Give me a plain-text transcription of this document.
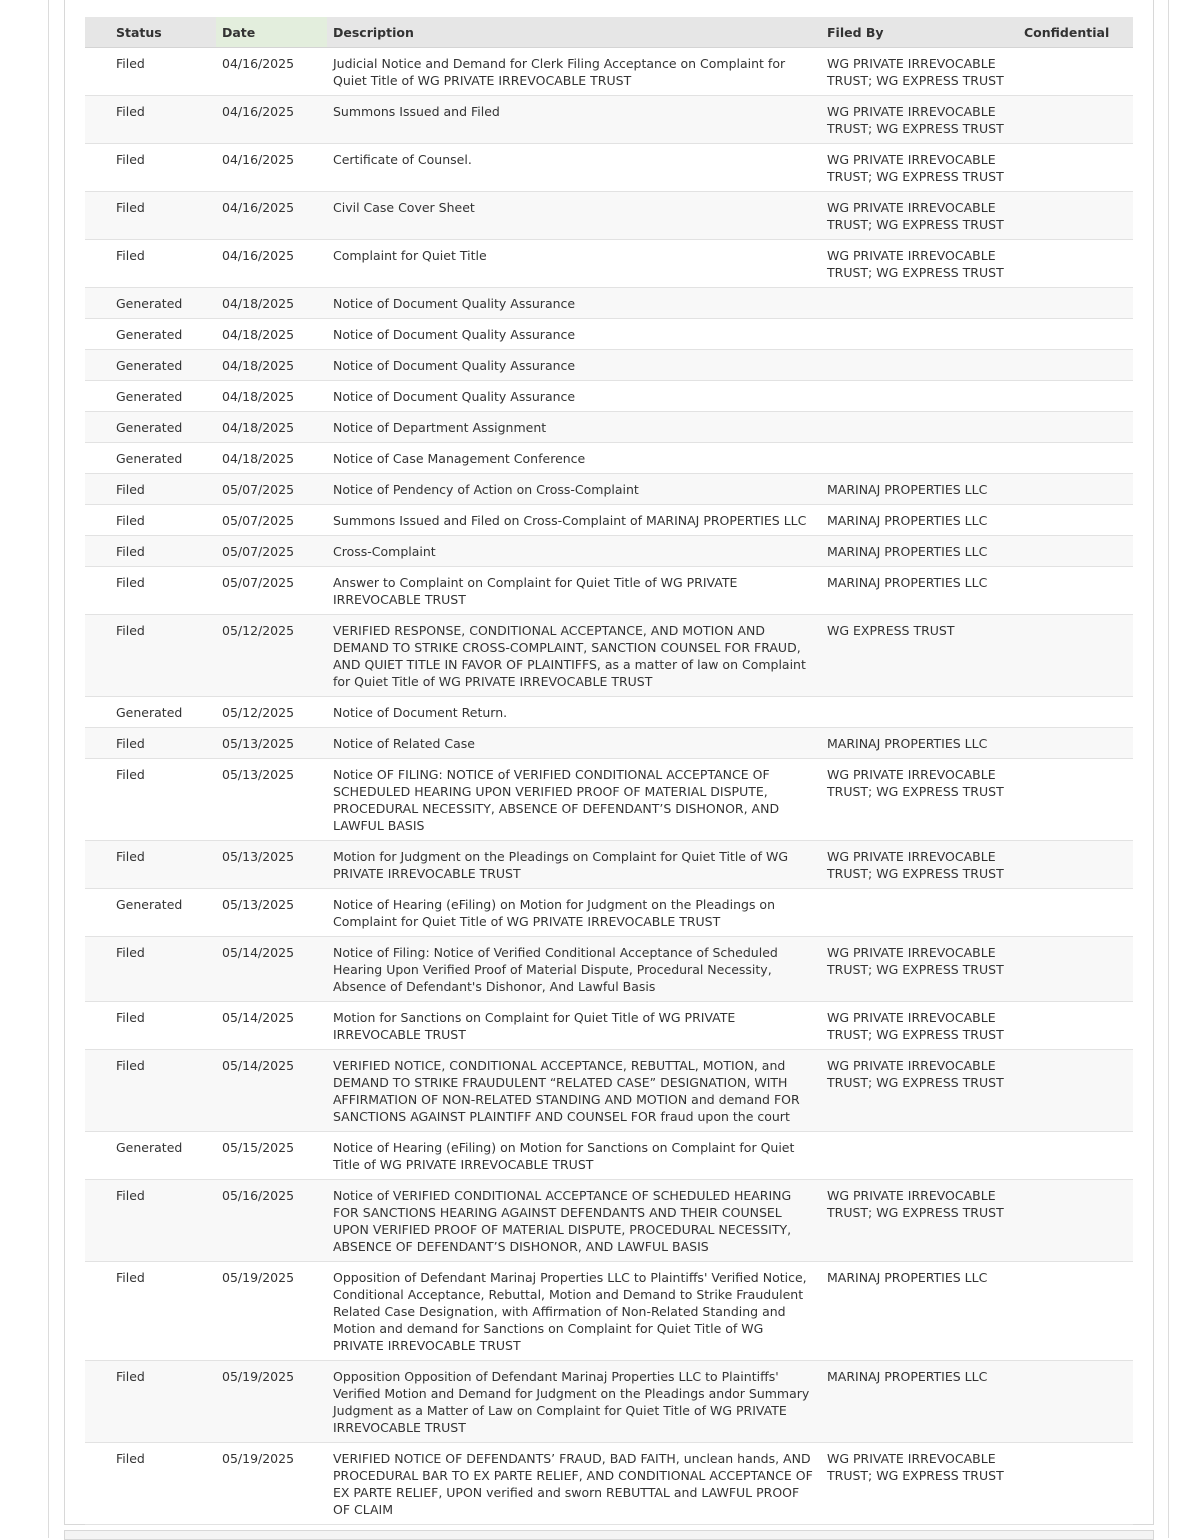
Status	Date	Description	Filed By	Confidential
Filed	04/16/2025	Judicial Notice and Demand for Clerk Filing Acceptance on Complaint for Quiet Title of WG PRIVATE IRREVOCABLE TRUST	WG PRIVATE IRREVOCABLE TRUST; WG EXPRESS TRUST	
Filed	04/16/2025	Summons Issued and Filed	WG PRIVATE IRREVOCABLE TRUST; WG EXPRESS TRUST	
Filed	04/16/2025	Certificate of Counsel.	WG PRIVATE IRREVOCABLE TRUST; WG EXPRESS TRUST	
Filed	04/16/2025	Civil Case Cover Sheet	WG PRIVATE IRREVOCABLE TRUST; WG EXPRESS TRUST	
Filed	04/16/2025	Complaint for Quiet Title	WG PRIVATE IRREVOCABLE TRUST; WG EXPRESS TRUST	
Generated	04/18/2025	Notice of Document Quality Assurance		
Generated	04/18/2025	Notice of Document Quality Assurance		
Generated	04/18/2025	Notice of Document Quality Assurance		
Generated	04/18/2025	Notice of Document Quality Assurance		
Generated	04/18/2025	Notice of Department Assignment		
Generated	04/18/2025	Notice of Case Management Conference		
Filed	05/07/2025	Notice of Pendency of Action on Cross-Complaint	MARINAJ PROPERTIES LLC	
Filed	05/07/2025	Summons Issued and Filed on Cross-Complaint of MARINAJ PROPERTIES LLC	MARINAJ PROPERTIES LLC	
Filed	05/07/2025	Cross-Complaint	MARINAJ PROPERTIES LLC	
Filed	05/07/2025	Answer to Complaint on Complaint for Quiet Title of WG PRIVATE IRREVOCABLE TRUST	MARINAJ PROPERTIES LLC	
Filed	05/12/2025	VERIFIED RESPONSE, CONDITIONAL ACCEPTANCE, AND MOTION AND DEMAND TO STRIKE CROSS-COMPLAINT, SANCTION COUNSEL FOR FRAUD, AND QUIET TITLE IN FAVOR OF PLAINTIFFS, as a matter of law on Complaint for Quiet Title of WG PRIVATE IRREVOCABLE TRUST	WG EXPRESS TRUST	
Generated	05/12/2025	Notice of Document Return.		
Filed	05/13/2025	Notice of Related Case	MARINAJ PROPERTIES LLC	
Filed	05/13/2025	Notice OF FILING: NOTICE of VERIFIED CONDITIONAL ACCEPTANCE OF SCHEDULED HEARING UPON VERIFIED PROOF OF MATERIAL DISPUTE, PROCEDURAL NECESSITY, ABSENCE OF DEFENDANT’S DISHONOR, AND LAWFUL BASIS	WG PRIVATE IRREVOCABLE TRUST; WG EXPRESS TRUST	
Filed	05/13/2025	Motion for Judgment on the Pleadings on Complaint for Quiet Title of WG PRIVATE IRREVOCABLE TRUST	WG PRIVATE IRREVOCABLE TRUST; WG EXPRESS TRUST	
Generated	05/13/2025	Notice of Hearing (eFiling) on Motion for Judgment on the Pleadings on Complaint for Quiet Title of WG PRIVATE IRREVOCABLE TRUST		
Filed	05/14/2025	Notice of Filing: Notice of Verified Conditional Acceptance of Scheduled Hearing Upon Verified Proof of Material Dispute, Procedural Necessity, Absence of Defendant's Dishonor, And Lawful Basis	WG PRIVATE IRREVOCABLE TRUST; WG EXPRESS TRUST	
Filed	05/14/2025	Motion for Sanctions on Complaint for Quiet Title of WG PRIVATE IRREVOCABLE TRUST	WG PRIVATE IRREVOCABLE TRUST; WG EXPRESS TRUST	
Filed	05/14/2025	VERIFIED NOTICE, CONDITIONAL ACCEPTANCE, REBUTTAL, MOTION, and DEMAND TO STRIKE FRAUDULENT “RELATED CASE” DESIGNATION, WITH AFFIRMATION OF NON-RELATED STANDING AND MOTION and demand FOR SANCTIONS AGAINST PLAINTIFF AND COUNSEL FOR fraud upon the court	WG PRIVATE IRREVOCABLE TRUST; WG EXPRESS TRUST	
Generated	05/15/2025	Notice of Hearing (eFiling) on Motion for Sanctions on Complaint for Quiet Title of WG PRIVATE IRREVOCABLE TRUST		
Filed	05/16/2025	Notice of VERIFIED CONDITIONAL ACCEPTANCE OF SCHEDULED HEARING FOR SANCTIONS HEARING AGAINST DEFENDANTS AND THEIR COUNSEL UPON VERIFIED PROOF OF MATERIAL DISPUTE, PROCEDURAL NECESSITY, ABSENCE OF DEFENDANT’S DISHONOR, AND LAWFUL BASIS	WG PRIVATE IRREVOCABLE TRUST; WG EXPRESS TRUST	
Filed	05/19/2025	Opposition of Defendant Marinaj Properties LLC to Plaintiffs' Verified Notice, Conditional Acceptance, Rebuttal, Motion and Demand to Strike Fraudulent Related Case Designation, with Affirmation of Non-Related Standing and Motion and demand for Sanctions on Complaint for Quiet Title of WG PRIVATE IRREVOCABLE TRUST	MARINAJ PROPERTIES LLC	
Filed	05/19/2025	Opposition Opposition of Defendant Marinaj Properties LLC to Plaintiffs' Verified Motion and Demand for Judgment on the Pleadings andor Summary Judgment as a Matter of Law on Complaint for Quiet Title of WG PRIVATE IRREVOCABLE TRUST	MARINAJ PROPERTIES LLC	
Filed	05/19/2025	VERIFIED NOTICE OF DEFENDANTS’ FRAUD, BAD FAITH, unclean hands, AND PROCEDURAL BAR TO EX PARTE RELIEF, AND CONDITIONAL ACCEPTANCE OF EX PARTE RELIEF, UPON verified and sworn REBUTTAL and LAWFUL PROOF OF CLAIM	WG PRIVATE IRREVOCABLE TRUST; WG EXPRESS TRUST	
